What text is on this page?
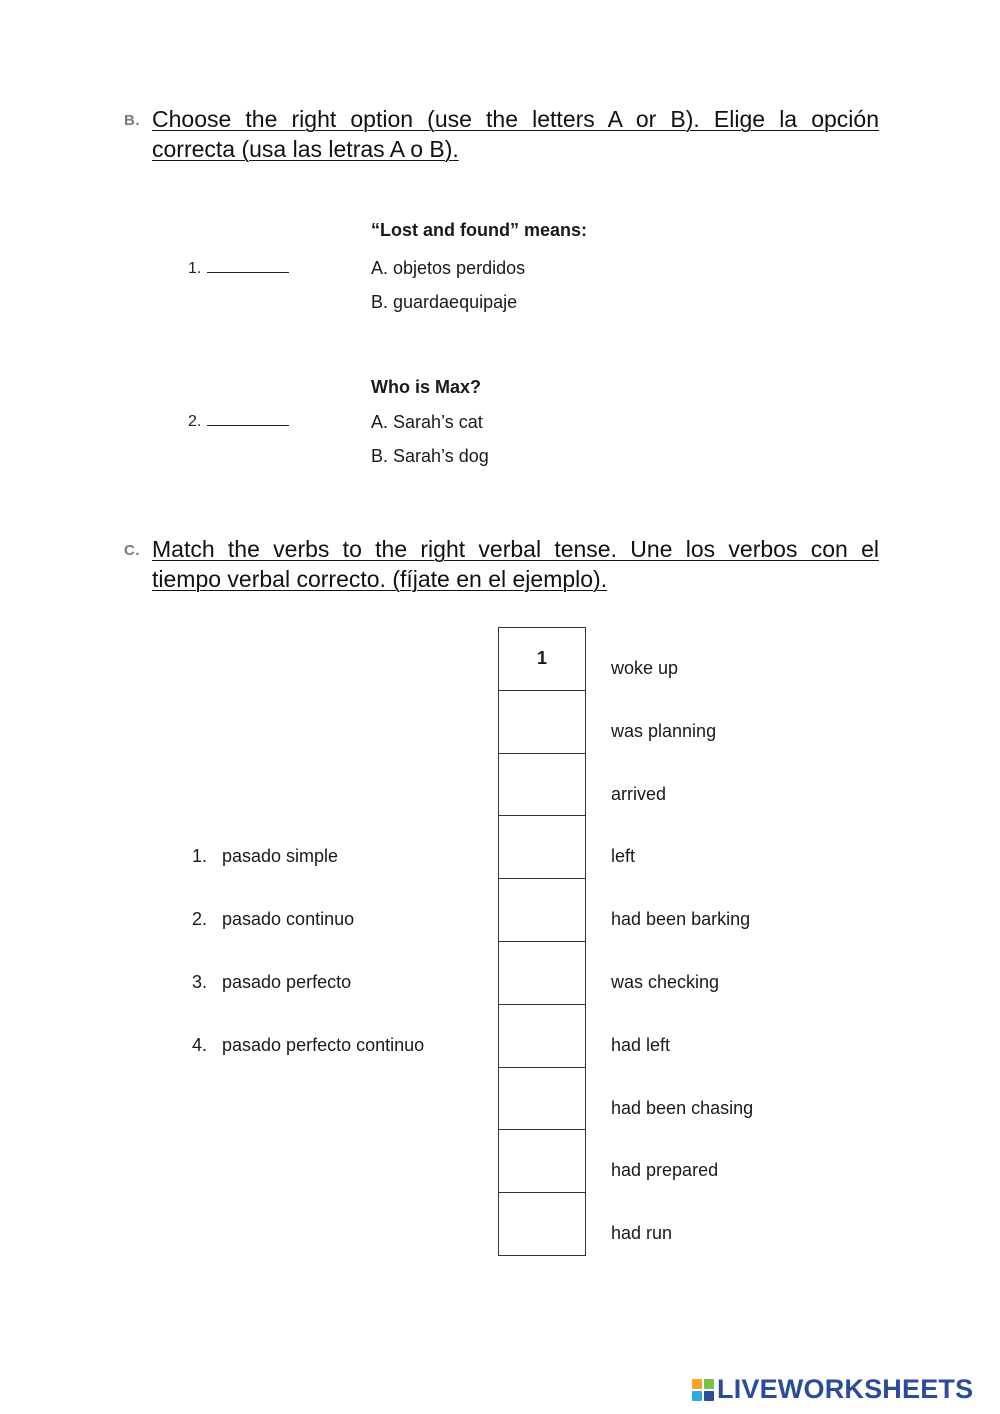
B. Choose the right option (use the letters A or B). Elige la opción
correcta (usa las letras A o B).
“Lost and found” means:
1.	A. objetos perdidos
B. guardaequipaje
Who is Max?
2.	A. Sarah’s cat
B. Sarah’s dog
C. Match the verbs to the right verbal tense. Une los verbos con el
tiempo verbal correcto. (fíjate en el ejemplo).
1. pasado simple
2. pasado continuo
3. pasado perfecto
4. pasado perfecto continuo
1	woke up
was planning
arrived
left
had been barking
was checking
had left
had been chasing
had prepared
had run
LIVEWORKSHEETS
